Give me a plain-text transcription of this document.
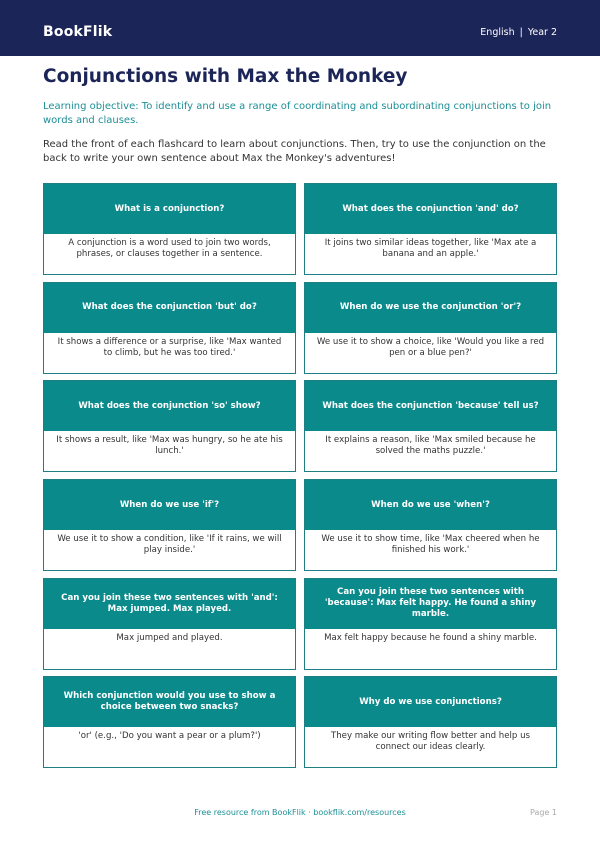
BookFlik	English | Year 2
Conjunctions with Max the Monkey

Learning objective: To identify and use a range of coordinating and subordinating conjunctions to join words and clauses.

Read the front of each flashcard to learn about conjunctions. Then, try to use the conjunction on the back to write your own sentence about Max the Monkey's adventures!

What is a conjunction?
A conjunction is a word used to join two words, phrases, or clauses together in a sentence.
What does the conjunction 'and' do?
It joins two similar ideas together, like 'Max ate a banana and an apple.'
What does the conjunction 'but' do?
It shows a difference or a surprise, like 'Max wanted to climb, but he was too tired.'
When do we use the conjunction 'or'?
We use it to show a choice, like 'Would you like a red pen or a blue pen?'
What does the conjunction 'so' show?
It shows a result, like 'Max was hungry, so he ate his lunch.'
What does the conjunction 'because' tell us?
It explains a reason, like 'Max smiled because he solved the maths puzzle.'
When do we use 'if'?
We use it to show a condition, like 'If it rains, we will play inside.'
When do we use 'when'?
We use it to show time, like 'Max cheered when he finished his work.'
Can you join these two sentences with 'and': Max jumped. Max played.
Max jumped and played.
Can you join these two sentences with 'because': Max felt happy. He found a shiny marble.
Max felt happy because he found a shiny marble.
Which conjunction would you use to show a choice between two snacks?
'or' (e.g., 'Do you want a pear or a plum?')
Why do we use conjunctions?
They make our writing flow better and help us connect our ideas clearly.
Free resource from BookFlik · bookflik.com/resources	Page 1
